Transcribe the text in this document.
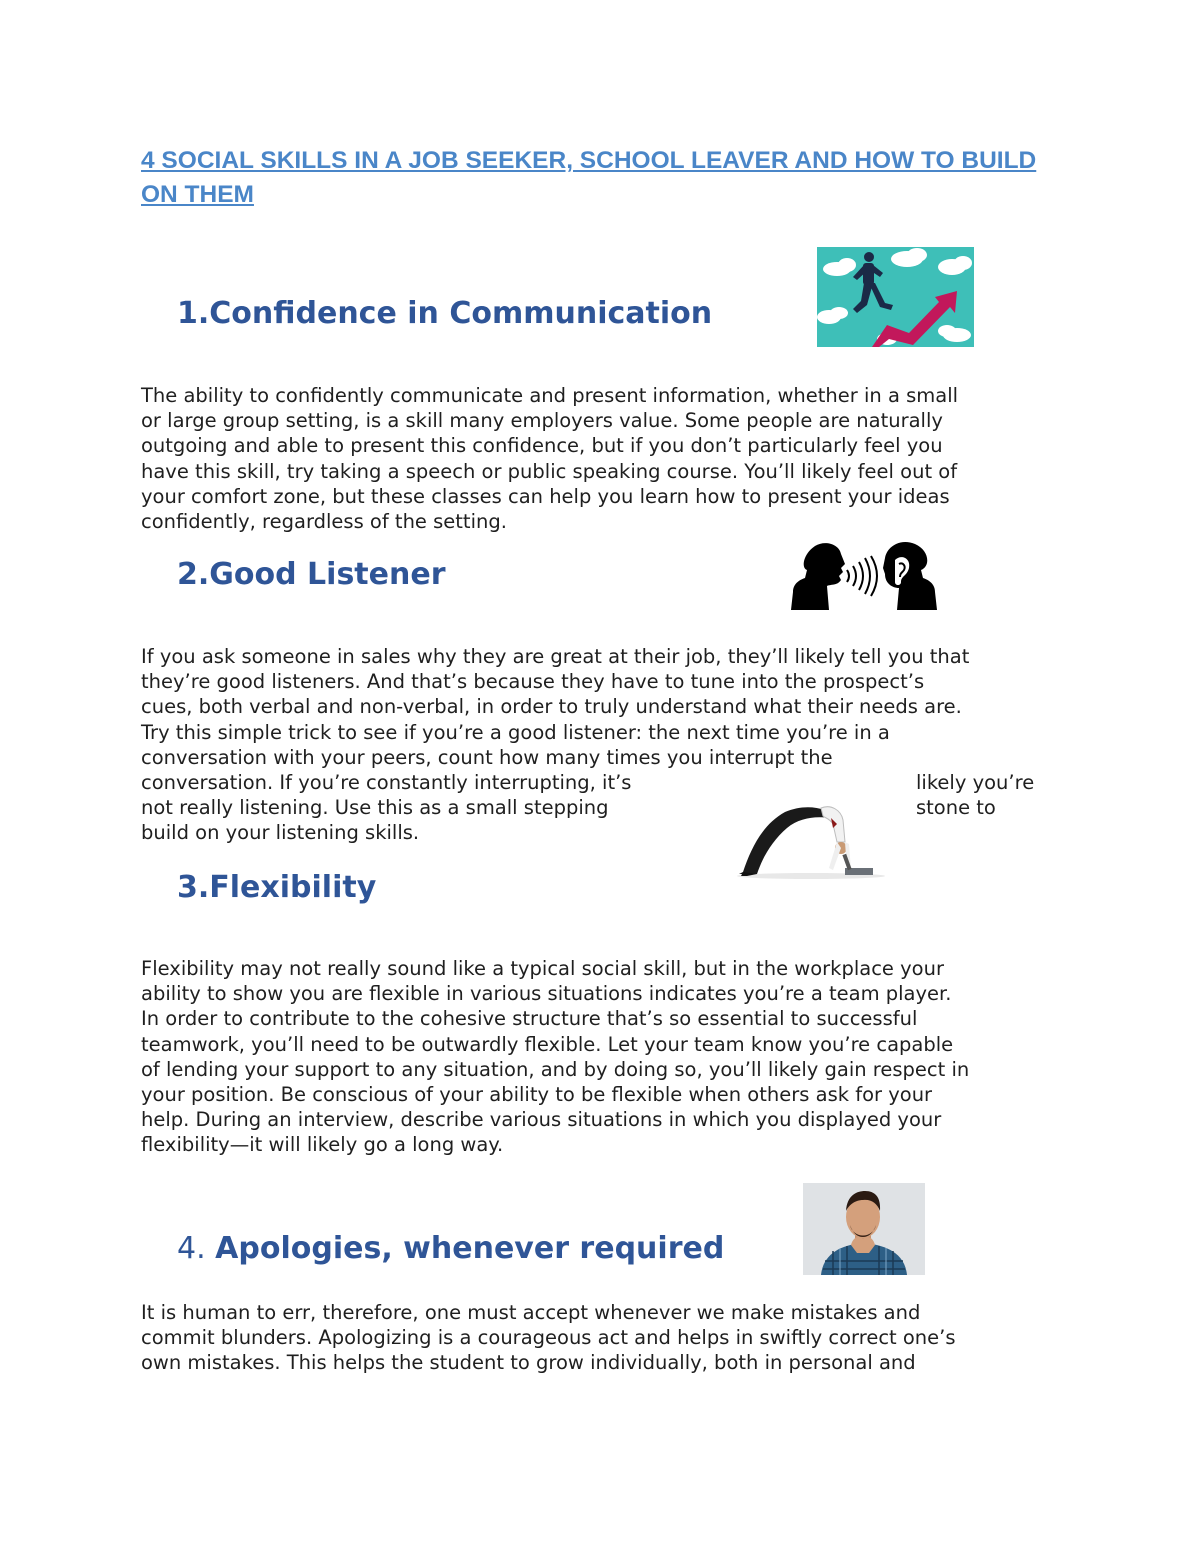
4 SOCIAL SKILLS IN A JOB SEEKER, SCHOOL LEAVER AND HOW TO BUILD ON THEM
1.Confidence in Communication
The ability to confidently communicate and present information, whether in a small
or large group setting, is a skill many employers value. Some people are naturally
outgoing and able to present this confidence, but if you don’t particularly feel you
have this skill, try taking a speech or public speaking course. You’ll likely feel out of
your comfort zone, but these classes can help you learn how to present your ideas
confidently, regardless of the setting.
2.Good Listener
If you ask someone in sales why they are great at their job, they’ll likely tell you that
they’re good listeners. And that’s because they have to tune into the prospect’s
cues, both verbal and non-verbal, in order to truly understand what their needs are.
Try this simple trick to see if you’re a good listener: the next time you’re in a
conversation with your peers, count how many times you interrupt the
conversation. If you’re constantly interrupting, it’s	likely you’re
not really listening. Use this as a small stepping	stone to
build on your listening skills.
3.Flexibility
Flexibility may not really sound like a typical social skill, but in the workplace your
ability to show you are flexible in various situations indicates you’re a team player.
In order to contribute to the cohesive structure that’s so essential to successful
teamwork, you’ll need to be outwardly flexible. Let your team know you’re capable
of lending your support to any situation, and by doing so, you’ll likely gain respect in
your position. Be conscious of your ability to be flexible when others ask for your
help. During an interview, describe various situations in which you displayed your
flexibility—it will likely go a long way.
4. Apologies, whenever required
It is human to err, therefore, one must accept whenever we make mistakes and
commit blunders. Apologizing is a courageous act and helps in swiftly correct one’s
own mistakes. This helps the student to grow individually, both in personal and
